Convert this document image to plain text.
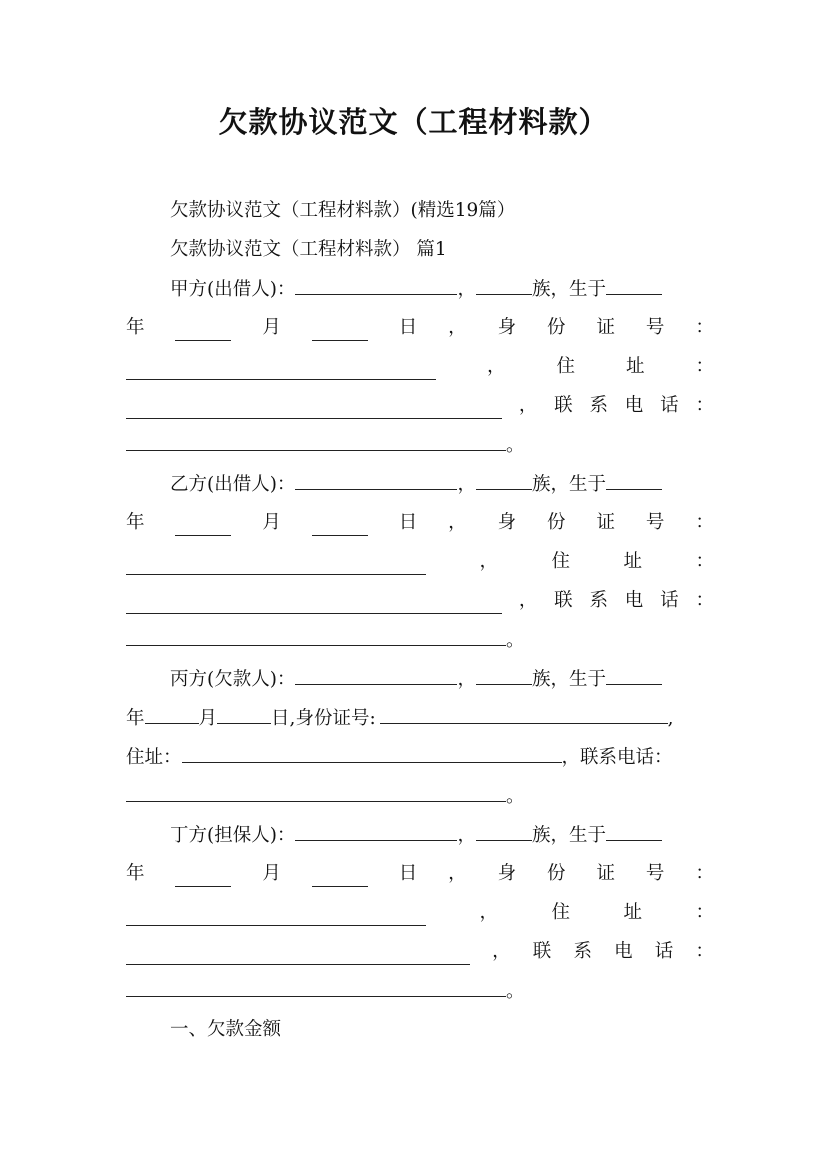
欠款协议范文（工程材料款）
欠款协议范文（工程材料款）(精选19篇）
欠款协议范文（工程材料款） 篇1
甲方(出借人)：	，	族，生于
年	月	日 ， 身 份 证 号 ：
，	住	址	：
， 联 系 电 话 ：
。
乙方(出借人)：	，	族，生于
年	月	日 ， 身 份 证 号 ：
，	住	址	：
， 联 系 电 话 ：
。
丙方(欠款人)：	，	族，生于
年	月	日,身份证号:	,
住址：	，联系电话：
。
丁方(担保人)：	，	族，生于
年	月	日 ， 身 份 证 号 ：
，	住	址	：
， 联 系 电 话 ：
。
一、欠款金额
